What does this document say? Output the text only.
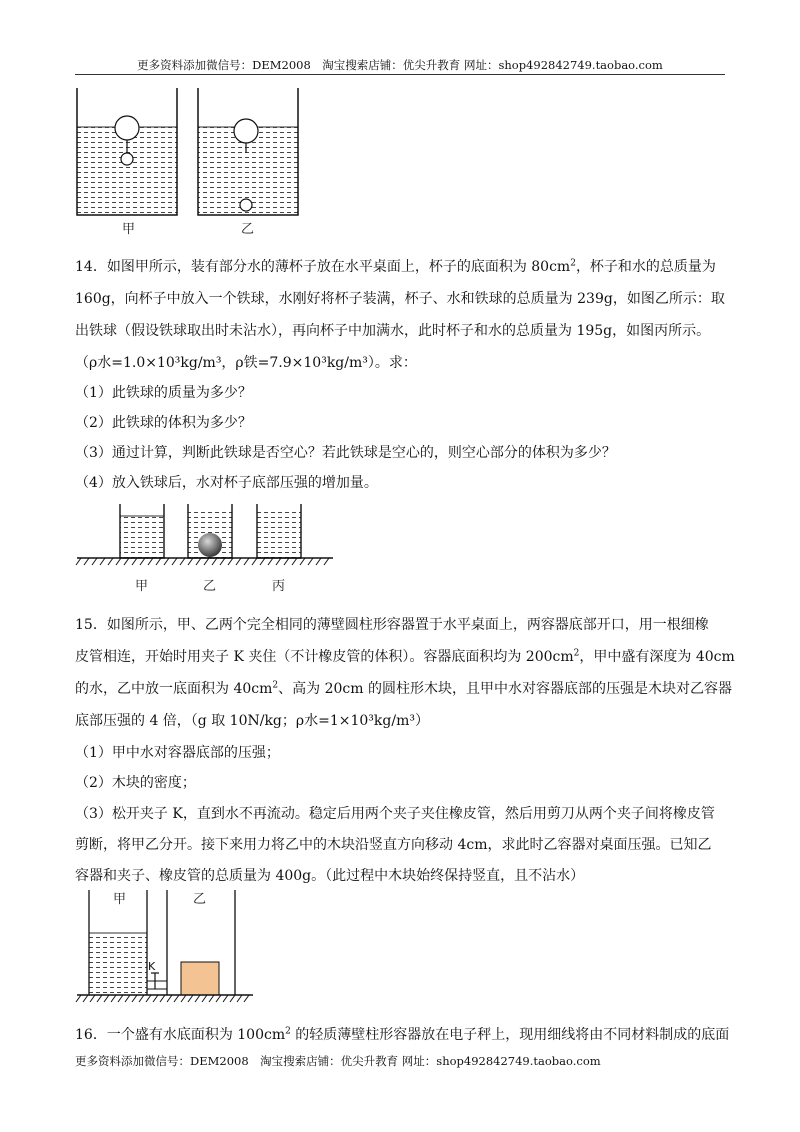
更多资料添加微信号：DEM2008　淘宝搜索店铺：优尖升教育 网址：shop492842749.taobao.com
甲	乙
14．如图甲所示，装有部分水的薄杯子放在水平桌面上，杯子的底面积为 $80cm^2$，杯子和水的总质量为
160g，向杯子中放入一个铁球，水刚好将杯子装满，杯子、水和铁球的总质量为 239g，如图乙所示：取
出铁球（假设铁球取出时未沾水），再向杯子中加满水，此时杯子和水的总质量为 195g，如图丙所示。
（ρ水=1.0×10³kg/m³，ρ铁=7.9×10³kg/m³）。求：
（1）此铁球的质量为多少？
（2）此铁球的体积为多少？
（3）通过计算，判断此铁球是否空心？若此铁球是空心的，则空心部分的体积为多少？
（4）放入铁球后，水对杯子底部压强的增加量。
甲	乙	丙
15．如图所示，甲、乙两个完全相同的薄壁圆柱形容器置于水平桌面上，两容器底部开口，用一根细橡
皮管相连，开始时用夹子 K 夹住（不计橡皮管的体积）。容器底面积均为 $200cm^2$，甲中盛有深度为 40cm
的水，乙中放一底面积为 $40cm^2$、高为 20cm 的圆柱形木块，且甲中水对容器底部的压强是木块对乙容器
底部压强的 4 倍，（g 取 10N/kg；ρ水=1×10³kg/m³）
（1）甲中水对容器底部的压强；
（2）木块的密度；
（3）松开夹子 K，直到水不再流动。稳定后用两个夹子夹住橡皮管，然后用剪刀从两个夹子间将橡皮管
剪断，将甲乙分开。接下来用力将乙中的木块沿竖直方向移动 4cm，求此时乙容器对桌面压强。已知乙
容器和夹子、橡皮管的总质量为 400g。（此过程中木块始终保持竖直，且不沾水）
K
甲	乙
16．一个盛有水底面积为 $100cm^2$ 的轻质薄壁柱形容器放在电子秤上，现用细线将由不同材料制成的底面
更多资料添加微信号：DEM2008　淘宝搜索店铺：优尖升教育 网址：shop492842749.taobao.com
